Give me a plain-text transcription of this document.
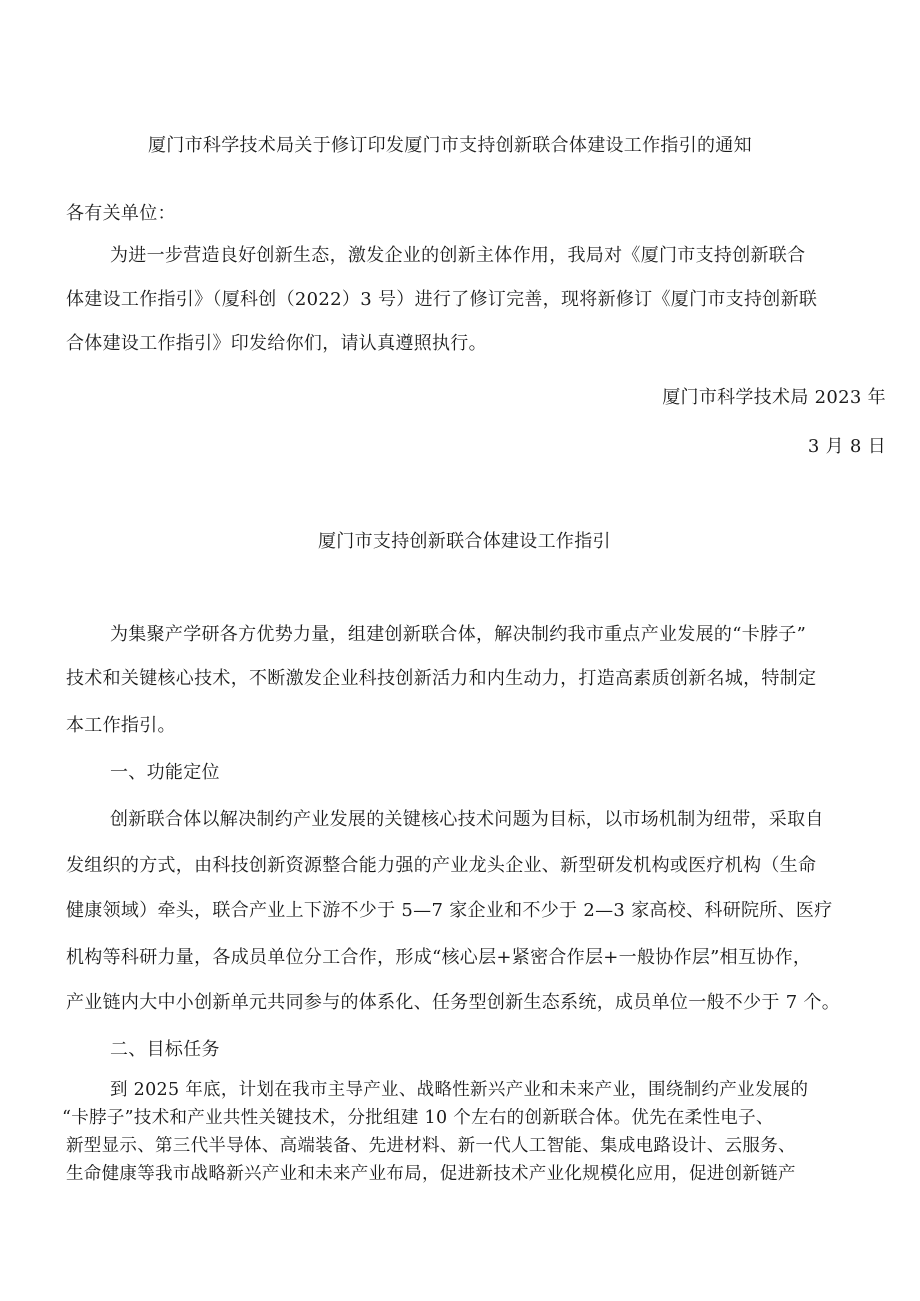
厦门市科学技术局关于修订印发厦门市支持创新联合体建设工作指引的通知
各有关单位：
为进一步营造良好创新生态，激发企业的创新主体作用，我局对《厦门市支持创新联合
体建设工作指引》（厦科创（2022）3 号）进行了修订完善，现将新修订《厦门市支持创新联
合体建设工作指引》印发给你们，请认真遵照执行。
厦门市科学技术局 2023 年
3 月 8 日
厦门市支持创新联合体建设工作指引
为集聚产学研各方优势力量，组建创新联合体，解决制约我市重点产业发展的“卡脖子”
技术和关键核心技术，不断激发企业科技创新活力和内生动力，打造高素质创新名城，特制定
本工作指引。
一、功能定位
创新联合体以解决制约产业发展的关键核心技术问题为目标，以市场机制为纽带，采取自
发组织的方式，由科技创新资源整合能力强的产业龙头企业、新型研发机构或医疗机构（生命
健康领域）牵头，联合产业上下游不少于 5—7 家企业和不少于 2—3 家高校、科研院所、医疗
机构等科研力量，各成员单位分工合作，形成“核心层+紧密合作层+一般协作层”相互协作，
产业链内大中小创新单元共同参与的体系化、任务型创新生态系统，成员单位一般不少于 7 个。
二、目标任务
到 2025 年底，计划在我市主导产业、战略性新兴产业和未来产业，围绕制约产业发展的
“卡脖子”技术和产业共性关键技术，分批组建 10 个左右的创新联合体。优先在柔性电子、
新型显示、第三代半导体、高端装备、先进材料、新一代人工智能、集成电路设计、云服务、
生命健康等我市战略新兴产业和未来产业布局，促进新技术产业化规模化应用，促进创新链产
